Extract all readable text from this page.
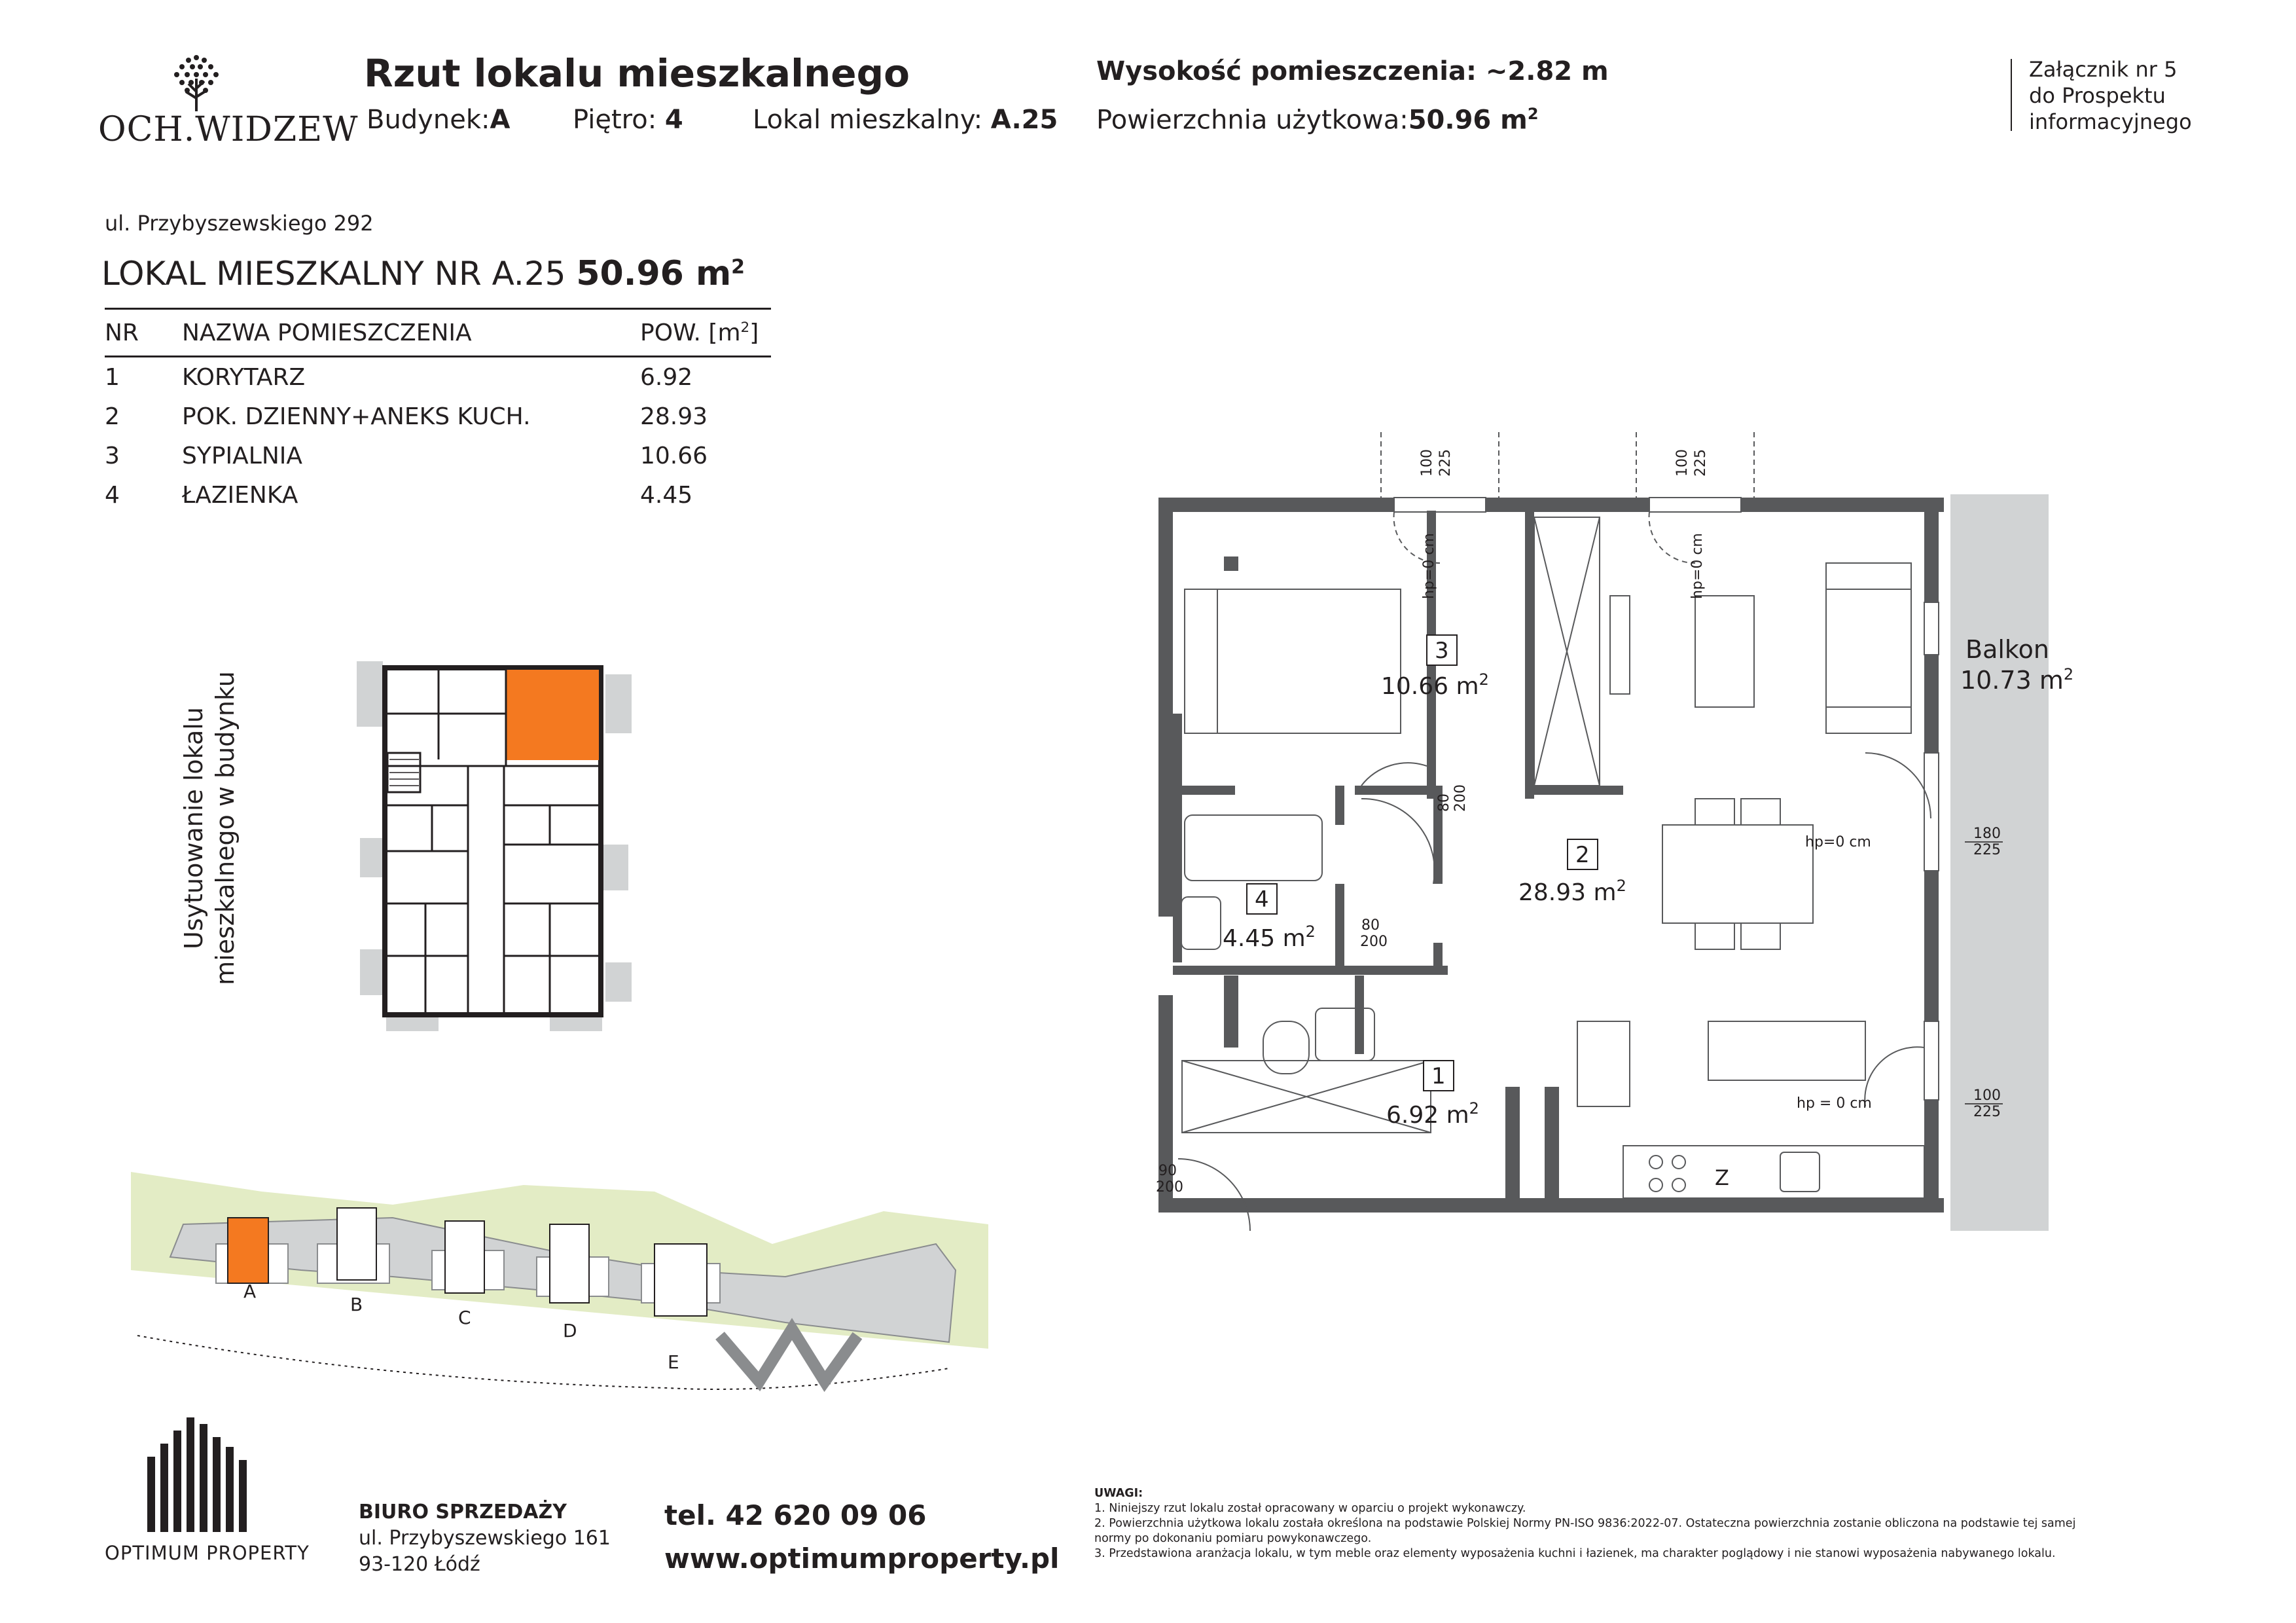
OCH.WIDZEW
Rzut lokalu mieszkalnego
Budynek:A Piętro: 4	Lokal mieszkalny: A.25
Wysokość pomieszczenia: ~2.82 m
Powierzchnia użytkowa:50.96 $m^2$
Załącznik nr 5
do Prospektu
informacyjnego
ul. Przybyszewskiego 292
LOKAL MIESZKALNY NR A.25 50.96 $m^2$
NR	NAZWA POMIESZCZENIA	POW. $[m^2]$
1	KORYTARZ	6.92
2	POK. DZIENNY+ANEKS KUCH.	28.93
3	SYPIALNIA	10.66
4	ŁAZIENKA	4.45
Usytuowanie lokalu mieszkalnego w budynku
A
B
C
D
E
3
10.66 $m^2$
2
28.93 $m^2$
4
4.45 $m^2$
1
6.92 $m^2$
Balkon
10.73 $m^2$
Z
100 225	100 225
180
225
100
225
80 200
80
200
90
200
hp=0 cm	hp=0 cm
hp=0 cm
hp = 0 cm
OPTIMUM PROPERTY
BIURO SPRZEDAŻY
ul. Przybyszewskiego 161
93-120 Łódź
tel. 42 620 09 06
www.optimumproperty.pl
UWAGI:
1. Niniejszy rzut lokalu został opracowany w oparciu o projekt wykonawczy.
2. Powierzchnia użytkowa lokalu została określona na podstawie Polskiej Normy PN-ISO 9836:2022-07. Ostateczna powierzchnia zostanie obliczona na podstawie tej samej
normy po dokonaniu pomiaru powykonawczego.
3. Przedstawiona aranżacja lokalu, w tym meble oraz elementy wyposażenia kuchni i łazienek, ma charakter poglądowy i nie stanowi wyposażenia nabywanego lokalu.
